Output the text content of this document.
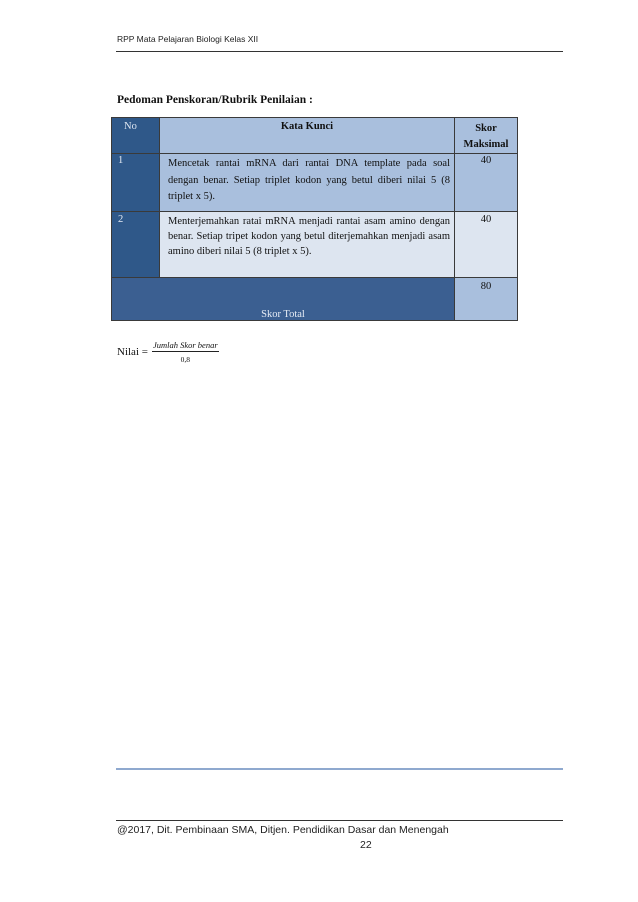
RPP Mata Pelajaran Biologi Kelas XII
Pedoman Penskoran/Rubrik Penilaian :
No	Kata Kunci	Skor
Maksimal

1	Mencetak rantai mRNA dari rantai DNA template pada soal dengan benar. Setiap triplet kodon yang betul diberi nilai 5 (8 triplet x 5).	40
2	Menterjemahkan ratai mRNA menjadi rantai asam amino dengan benar. Setiap tripet kodon yang betul diterjemahkan menjadi asam amino diberi nilai 5 (8 triplet x 5).	40
Skor Total		80
Nilai = $\frac{\text{Jumlah Skor benar}}{0,8}$
@2017, Dit. Pembinaan SMA, Ditjen. Pendidikan Dasar dan Menengah
22
